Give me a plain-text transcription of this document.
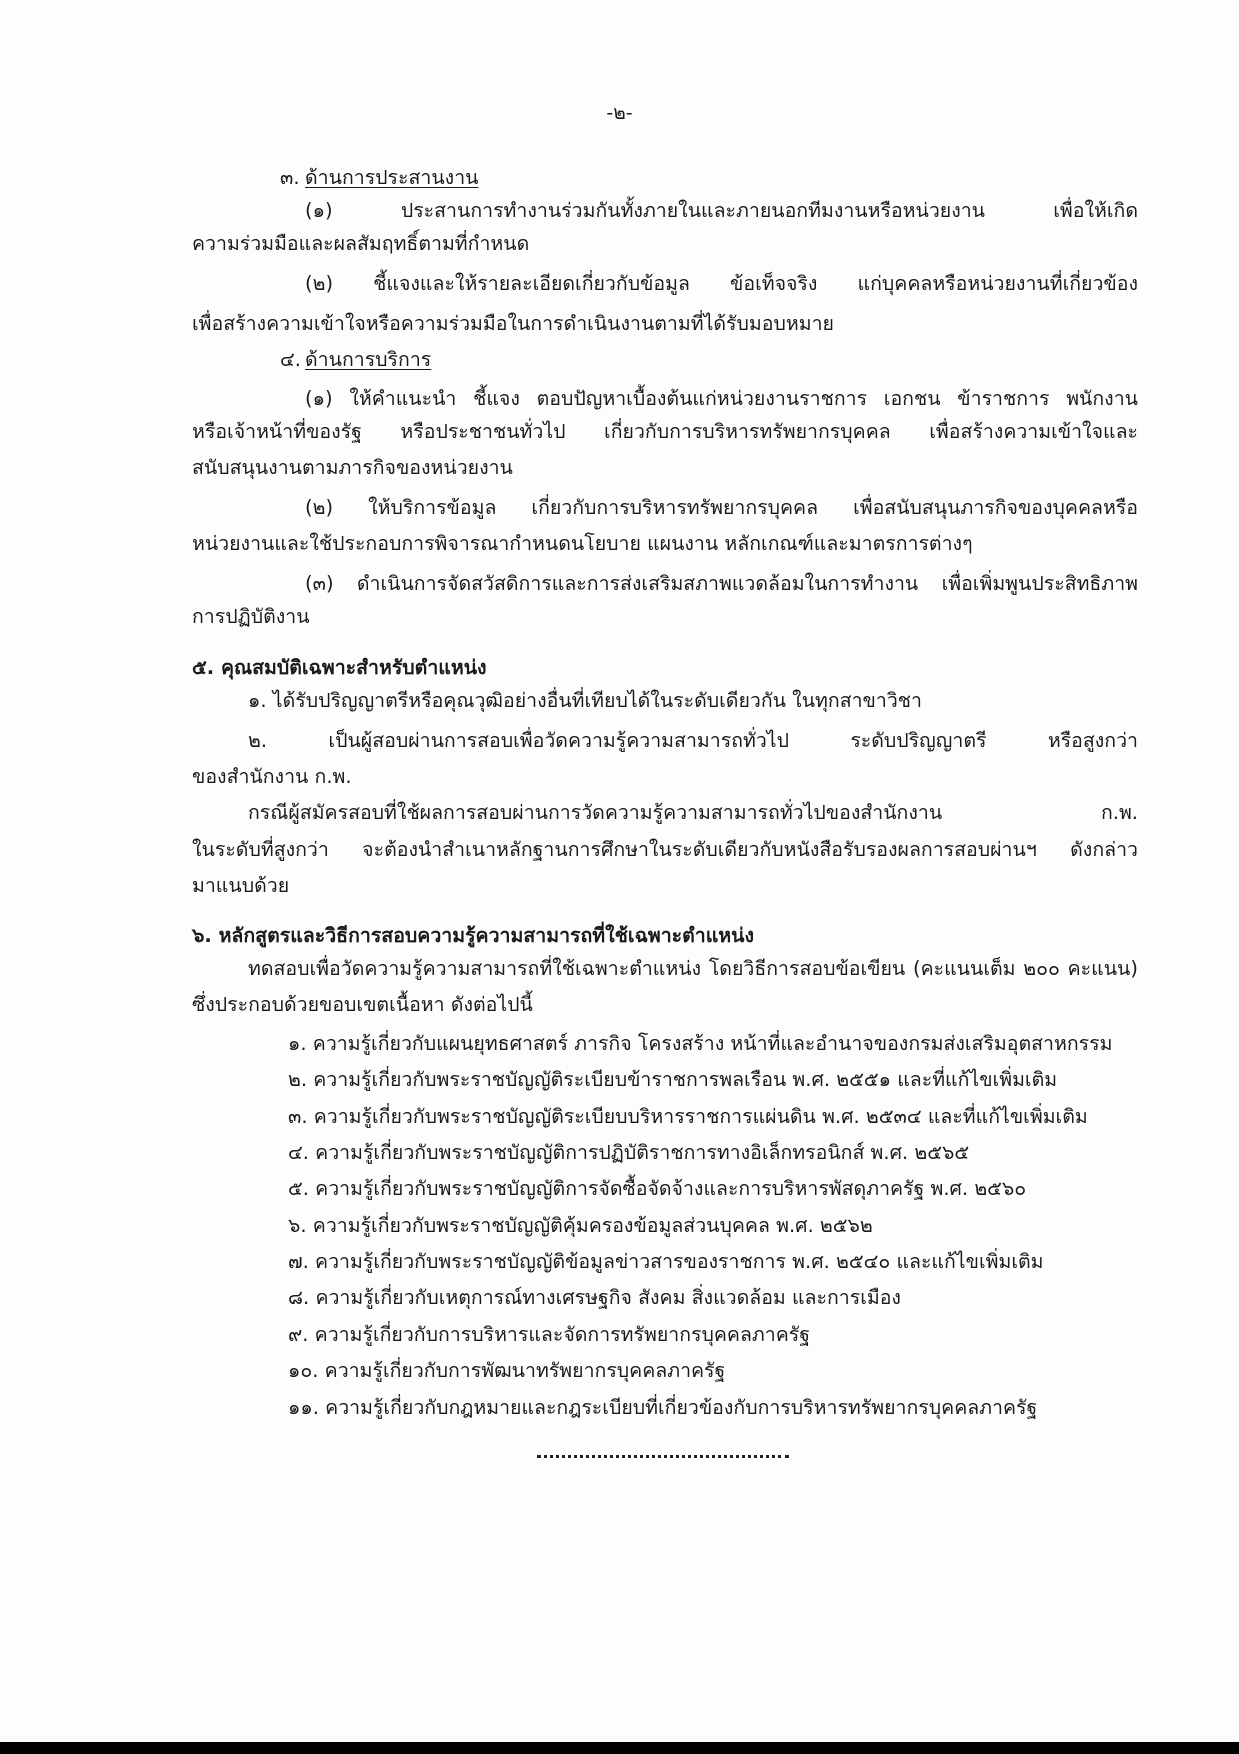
-๒-
๓. ด้านการประสานงาน
(๑) ประสานการทำงานร่วมกันทั้งภายในและภายนอกทีมงานหรือหน่วยงาน เพื่อให้เกิด
ความร่วมมือและผลสัมฤทธิ์ตามที่กำหนด
(๒) ชี้แจงและให้รายละเอียดเกี่ยวกับข้อมูล ข้อเท็จจริง แก่บุคคลหรือหน่วยงานที่เกี่ยวข้อง
เพื่อสร้างความเข้าใจหรือความร่วมมือในการดำเนินงานตามที่ได้รับมอบหมาย
๔. ด้านการบริการ
(๑) ให้คำแนะนำ ชี้แจง ตอบปัญหาเบื้องต้นแก่หน่วยงานราชการ เอกชน ข้าราชการ พนักงาน
หรือเจ้าหน้าที่ของรัฐ หรือประชาชนทั่วไป เกี่ยวกับการบริหารทรัพยากรบุคคล เพื่อสร้างความเข้าใจและ
สนับสนุนงานตามภารกิจของหน่วยงาน
(๒) ให้บริการข้อมูล เกี่ยวกับการบริหารทรัพยากรบุคคล เพื่อสนับสนุนภารกิจของบุคคลหรือ
หน่วยงานและใช้ประกอบการพิจารณากำหนดนโยบาย แผนงาน หลักเกณฑ์และมาตรการต่างๆ
(๓) ดำเนินการจัดสวัสดิการและการส่งเสริมสภาพแวดล้อมในการทำงาน เพื่อเพิ่มพูนประสิทธิภาพ
การปฏิบัติงาน
๕. คุณสมบัติเฉพาะสำหรับตำแหน่ง
๑. ได้รับปริญญาตรีหรือคุณวุฒิอย่างอื่นที่เทียบได้ในระดับเดียวกัน ในทุกสาขาวิชา
๒. เป็นผู้สอบผ่านการสอบเพื่อวัดความรู้ความสามารถทั่วไป ระดับปริญญาตรี หรือสูงกว่า
ของสำนักงาน ก.พ.
กรณีผู้สมัครสอบที่ใช้ผลการสอบผ่านการวัดความรู้ความสามารถทั่วไปของสำนักงาน ก.พ.
ในระดับที่สูงกว่า จะต้องนำสำเนาหลักฐานการศึกษาในระดับเดียวกับหนังสือรับรองผลการสอบผ่านฯ ดังกล่าว
มาแนบด้วย
๖. หลักสูตรและวิธีการสอบความรู้ความสามารถที่ใช้เฉพาะตำแหน่ง
ทดสอบเพื่อวัดความรู้ความสามารถที่ใช้เฉพาะตำแหน่ง โดยวิธีการสอบข้อเขียน (คะแนนเต็ม ๒๐๐ คะแนน)
ซึ่งประกอบด้วยขอบเขตเนื้อหา ดังต่อไปนี้
๑. ความรู้เกี่ยวกับแผนยุทธศาสตร์ ภารกิจ โครงสร้าง หน้าที่และอำนาจของกรมส่งเสริมอุตสาหกรรม
๒. ความรู้เกี่ยวกับพระราชบัญญัติระเบียบข้าราชการพลเรือน พ.ศ. ๒๕๕๑ และที่แก้ไขเพิ่มเติม
๓. ความรู้เกี่ยวกับพระราชบัญญัติระเบียบบริหารราชการแผ่นดิน พ.ศ. ๒๕๓๔ และที่แก้ไขเพิ่มเติม
๔. ความรู้เกี่ยวกับพระราชบัญญัติการปฏิบัติราชการทางอิเล็กทรอนิกส์ พ.ศ. ๒๕๖๕
๕. ความรู้เกี่ยวกับพระราชบัญญัติการจัดซื้อจัดจ้างและการบริหารพัสดุภาครัฐ พ.ศ. ๒๕๖๐
๖. ความรู้เกี่ยวกับพระราชบัญญัติคุ้มครองข้อมูลส่วนบุคคล พ.ศ. ๒๕๖๒
๗. ความรู้เกี่ยวกับพระราชบัญญัติข้อมูลข่าวสารของราชการ พ.ศ. ๒๕๔๐ และแก้ไขเพิ่มเติม
๘. ความรู้เกี่ยวกับเหตุการณ์ทางเศรษฐกิจ สังคม สิ่งแวดล้อม และการเมือง
๙. ความรู้เกี่ยวกับการบริหารและจัดการทรัพยากรบุคคลภาครัฐ
๑๐. ความรู้เกี่ยวกับการพัฒนาทรัพยากรบุคคลภาครัฐ
๑๑. ความรู้เกี่ยวกับกฎหมายและกฎระเบียบที่เกี่ยวข้องกับการบริหารทรัพยากรบุคคลภาครัฐ
